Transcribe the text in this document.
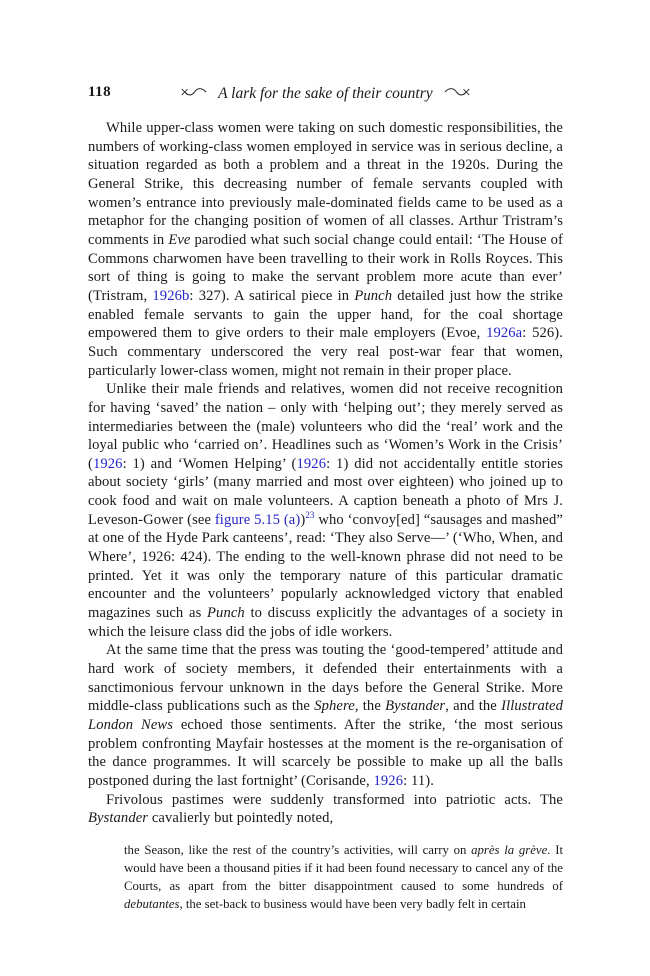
118	A lark for the sake of their country

While upper-class women were taking on such domestic responsibilities, the numbers of working-class women employed in service was in serious decline, a situation regarded as both a problem and a threat in the 1920s. During the General Strike, this decreasing number of female servants coupled with women’s entrance into previously male-dominated fields came to be used as a metaphor for the changing position of women of all classes. Arthur Tristram’s comments in Eve parodied what such social change could entail: ‘The House of Commons charwomen have been travelling to their work in Rolls Royces. This sort of thing is going to make the servant problem more acute than ever’ (Tristram, 1926b: 327). A satirical piece in Punch detailed just how the strike enabled female servants to gain the upper hand, for the coal shortage empowered them to give orders to their male employers (Evoe, 1926a: 526). Such commentary underscored the very real post-war fear that women, particularly lower-class women, might not remain in their proper place.

Unlike their male friends and relatives, women did not receive recognition for having ‘saved’ the nation – only with ‘helping out’; they merely served as intermediaries between the (male) volunteers who did the ‘real’ work and the loyal public who ‘carried on’. Headlines such as ‘Women’s Work in the Crisis’ (1926: 1) and ‘Women Helping’ (1926: 1) did not accidentally entitle stories about society ‘girls’ (many married and most over eighteen) who joined up to cook food and wait on male volunteers. A caption beneath a photo of Mrs J. Leveson-Gower (see figure 5.15 (a))$^{23}$ who ‘convoy[ed] “sausages and mashed” at one of the Hyde Park canteens’, read: ‘They also Serve—’ (‘Who, When, and Where’, 1926: 424). The ending to the well-known phrase did not need to be printed. Yet it was only the temporary nature of this particular dramatic encounter and the volunteers’ popularly acknowledged victory that enabled magazines such as Punch to discuss explicitly the advantages of a society in which the leisure class did the jobs of idle workers.

At the same time that the press was touting the ‘good-tempered’ attitude and hard work of society members, it defended their entertainments with a sanctimonious fervour unknown in the days before the General Strike. More middle-class publications such as the Sphere, the Bystander, and the Illustrated London News echoed those sentiments. After the strike, ‘the most serious problem confronting Mayfair hostesses at the moment is the re-organisation of the dance programmes. It will scarcely be possible to make up all the balls postponed during the last fortnight’ (Corisande, 1926: 11).

Frivolous pastimes were suddenly transformed into patriotic acts. The Bystander cavalierly but pointedly noted,

the Season, like the rest of the country’s activities, will carry on après la grève. It would have been a thousand pities if it had been found necessary to cancel any of the Courts, as apart from the bitter disappointment caused to some hundreds of debutantes, the set-back to business would have been very badly felt in certain
